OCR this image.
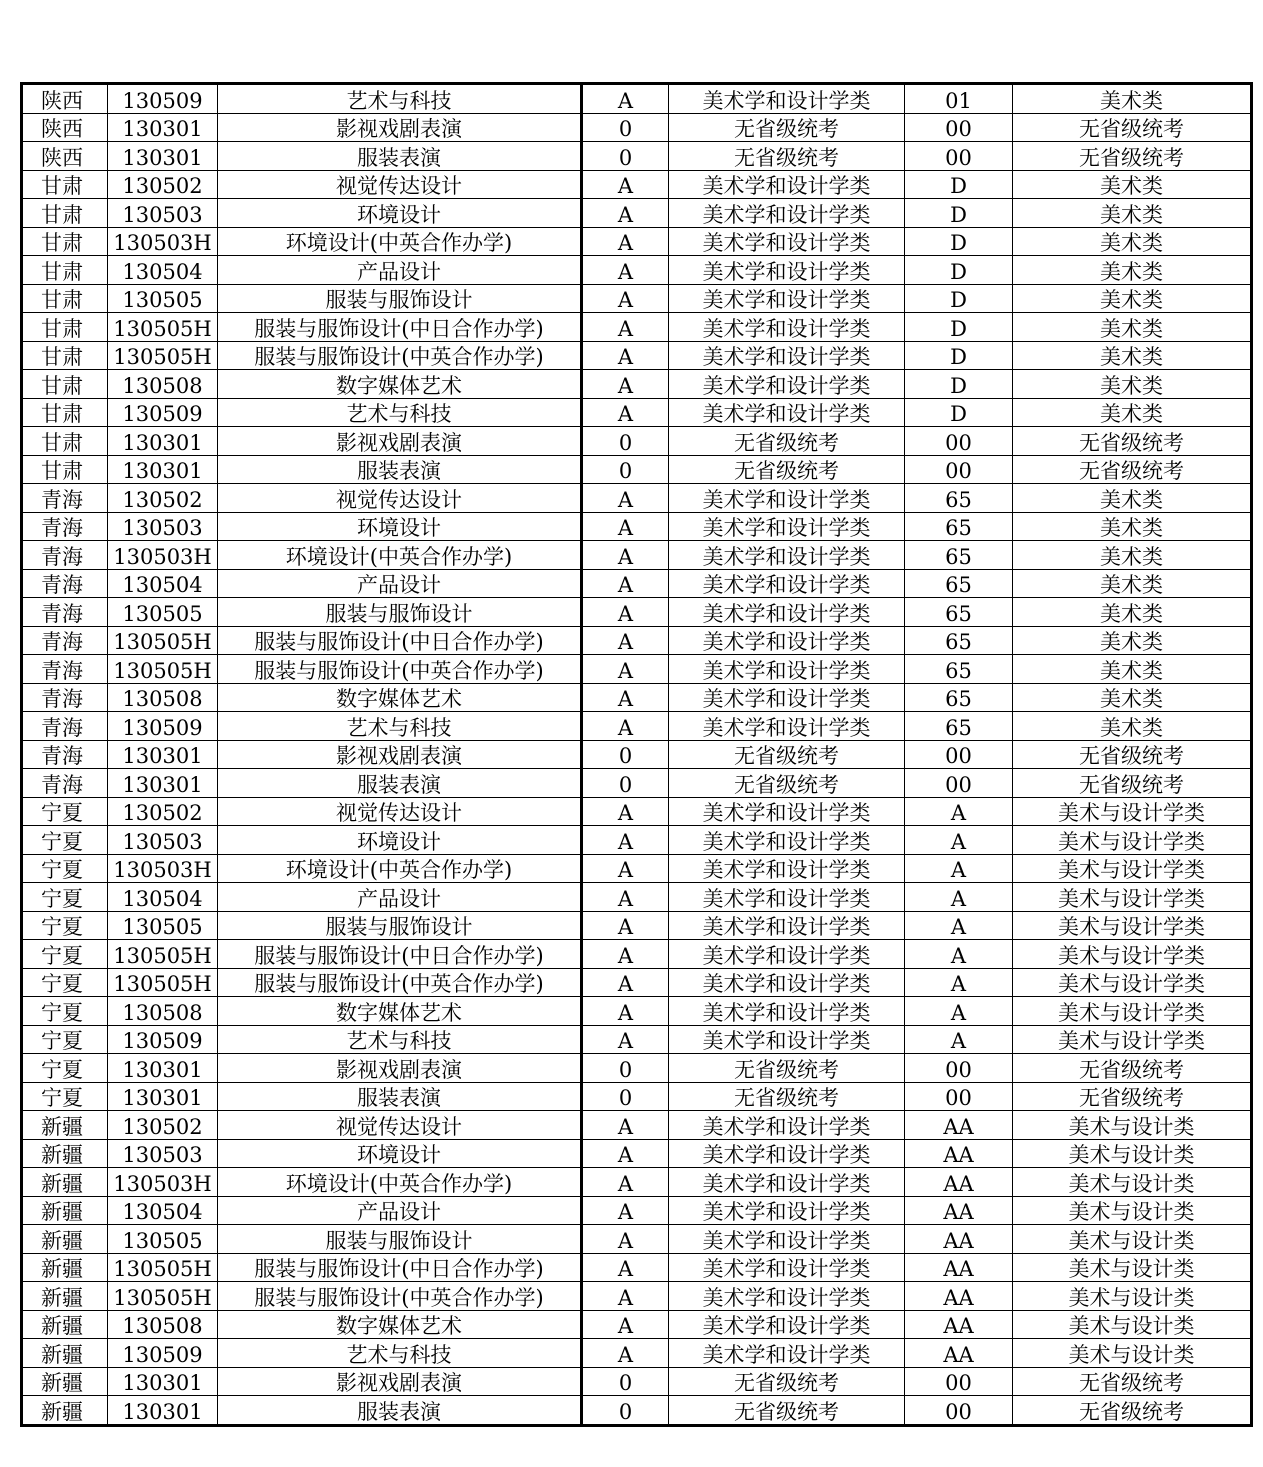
陕西	130509	艺术与科技	A	美术学和设计学类	01	美术类
陕西	130301	影视戏剧表演	0	无省级统考	00	无省级统考
陕西	130301	服装表演	0	无省级统考	00	无省级统考
甘肃	130502	视觉传达设计	A	美术学和设计学类	D	美术类
甘肃	130503	环境设计	A	美术学和设计学类	D	美术类
甘肃	130503H	环境设计(中英合作办学)	A	美术学和设计学类	D	美术类
甘肃	130504	产品设计	A	美术学和设计学类	D	美术类
甘肃	130505	服装与服饰设计	A	美术学和设计学类	D	美术类
甘肃	130505H	服装与服饰设计(中日合作办学)	A	美术学和设计学类	D	美术类
甘肃	130505H	服装与服饰设计(中英合作办学)	A	美术学和设计学类	D	美术类
甘肃	130508	数字媒体艺术	A	美术学和设计学类	D	美术类
甘肃	130509	艺术与科技	A	美术学和设计学类	D	美术类
甘肃	130301	影视戏剧表演	0	无省级统考	00	无省级统考
甘肃	130301	服装表演	0	无省级统考	00	无省级统考
青海	130502	视觉传达设计	A	美术学和设计学类	65	美术类
青海	130503	环境设计	A	美术学和设计学类	65	美术类
青海	130503H	环境设计(中英合作办学)	A	美术学和设计学类	65	美术类
青海	130504	产品设计	A	美术学和设计学类	65	美术类
青海	130505	服装与服饰设计	A	美术学和设计学类	65	美术类
青海	130505H	服装与服饰设计(中日合作办学)	A	美术学和设计学类	65	美术类
青海	130505H	服装与服饰设计(中英合作办学)	A	美术学和设计学类	65	美术类
青海	130508	数字媒体艺术	A	美术学和设计学类	65	美术类
青海	130509	艺术与科技	A	美术学和设计学类	65	美术类
青海	130301	影视戏剧表演	0	无省级统考	00	无省级统考
青海	130301	服装表演	0	无省级统考	00	无省级统考
宁夏	130502	视觉传达设计	A	美术学和设计学类	A	美术与设计学类
宁夏	130503	环境设计	A	美术学和设计学类	A	美术与设计学类
宁夏	130503H	环境设计(中英合作办学)	A	美术学和设计学类	A	美术与设计学类
宁夏	130504	产品设计	A	美术学和设计学类	A	美术与设计学类
宁夏	130505	服装与服饰设计	A	美术学和设计学类	A	美术与设计学类
宁夏	130505H	服装与服饰设计(中日合作办学)	A	美术学和设计学类	A	美术与设计学类
宁夏	130505H	服装与服饰设计(中英合作办学)	A	美术学和设计学类	A	美术与设计学类
宁夏	130508	数字媒体艺术	A	美术学和设计学类	A	美术与设计学类
宁夏	130509	艺术与科技	A	美术学和设计学类	A	美术与设计学类
宁夏	130301	影视戏剧表演	0	无省级统考	00	无省级统考
宁夏	130301	服装表演	0	无省级统考	00	无省级统考
新疆	130502	视觉传达设计	A	美术学和设计学类	AA	美术与设计类
新疆	130503	环境设计	A	美术学和设计学类	AA	美术与设计类
新疆	130503H	环境设计(中英合作办学)	A	美术学和设计学类	AA	美术与设计类
新疆	130504	产品设计	A	美术学和设计学类	AA	美术与设计类
新疆	130505	服装与服饰设计	A	美术学和设计学类	AA	美术与设计类
新疆	130505H	服装与服饰设计(中日合作办学)	A	美术学和设计学类	AA	美术与设计类
新疆	130505H	服装与服饰设计(中英合作办学)	A	美术学和设计学类	AA	美术与设计类
新疆	130508	数字媒体艺术	A	美术学和设计学类	AA	美术与设计类
新疆	130509	艺术与科技	A	美术学和设计学类	AA	美术与设计类
新疆	130301	影视戏剧表演	0	无省级统考	00	无省级统考
新疆	130301	服装表演	0	无省级统考	00	无省级统考
